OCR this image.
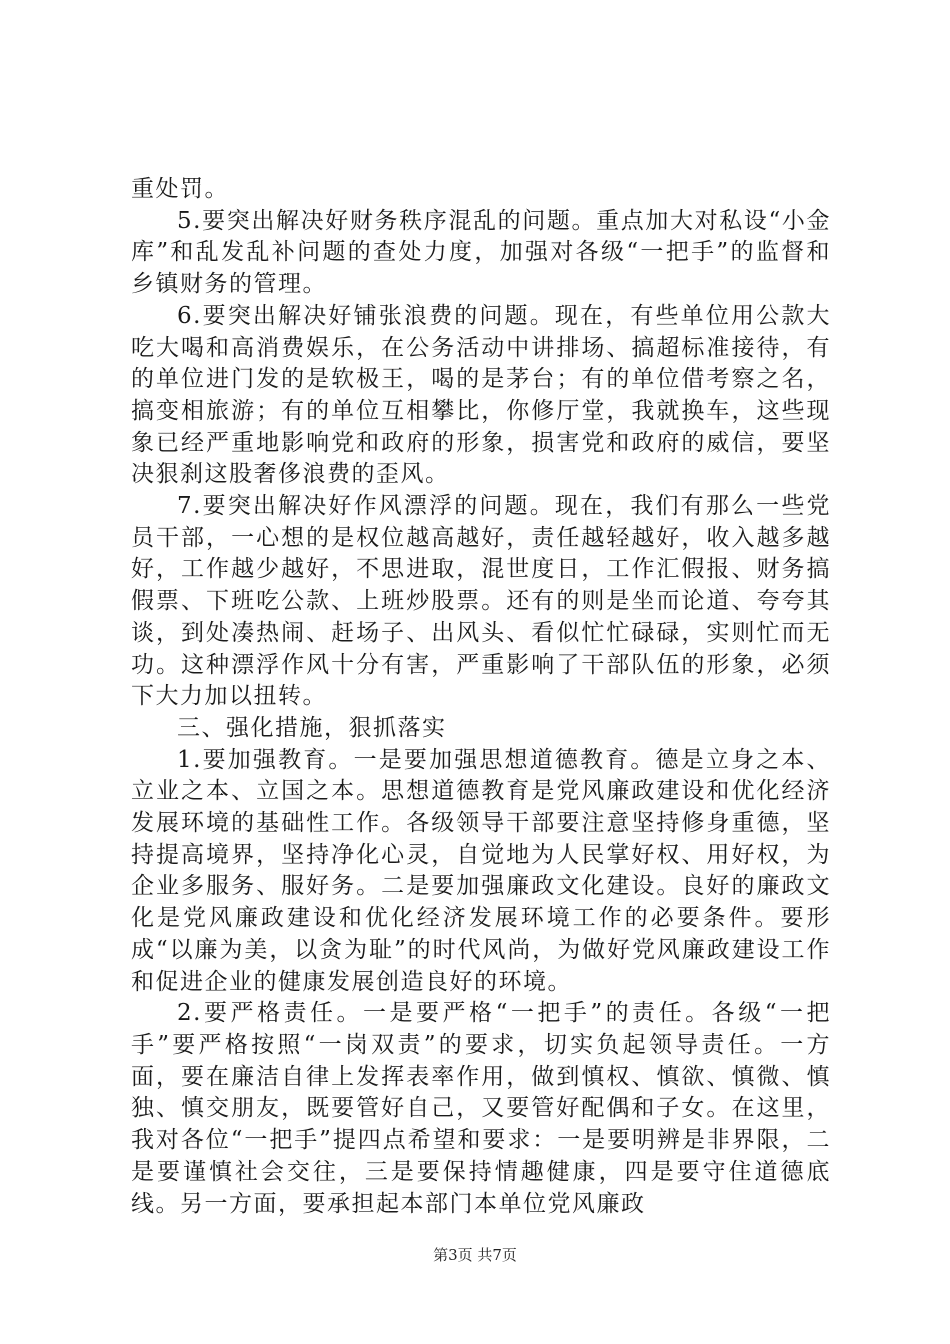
重处罚。

5.要突出解决好财务秩序混乱的问题。重点加大对私设“小金库”和乱发乱补问题的查处力度，加强对各级“一把手”的监督和乡镇财务的管理。

6.要突出解决好铺张浪费的问题。现在，有些单位用公款大吃大喝和高消费娱乐，在公务活动中讲排场、搞超标准接待，有的单位进门发的是软极王，喝的是茅台；有的单位借考察之名，搞变相旅游；有的单位互相攀比，你修厅堂，我就换车，这些现象已经严重地影响党和政府的形象，损害党和政府的威信，要坚决狠刹这股奢侈浪费的歪风。

7.要突出解决好作风漂浮的问题。现在，我们有那么一些党员干部，一心想的是权位越高越好，责任越轻越好，收入越多越好，工作越少越好，不思进取，混世度日，工作汇假报、财务搞假票、下班吃公款、上班炒股票。还有的则是坐而论道、夸夸其谈，到处凑热闹、赶场子、出风头、看似忙忙碌碌，实则忙而无功。这种漂浮作风十分有害，严重影响了干部队伍的形象，必须下大力加以扭转。

三、强化措施，狠抓落实

1.要加强教育。一是要加强思想道德教育。德是立身之本、立业之本、立国之本。思想道德教育是党风廉政建设和优化经济发展环境的基础性工作。各级领导干部要注意坚持修身重德，坚持提高境界，坚持净化心灵，自觉地为人民掌好权、用好权，为企业多服务、服好务。二是要加强廉政文化建设。良好的廉政文化是党风廉政建设和优化经济发展环境工作的必要条件。要形成“以廉为美，以贪为耻”的时代风尚，为做好党风廉政建设工作和促进企业的健康发展创造良好的环境。

2.要严格责任。一是要严格“一把手”的责任。各级“一把手”要严格按照“一岗双责”的要求，切实负起领导责任。一方面，要在廉洁自律上发挥表率作用，做到慎权、慎欲、慎微、慎独、慎交朋友，既要管好自己，又要管好配偶和子女。在这里，我对各位“一把手”提四点希望和要求：一是要明辨是非界限，二是要谨慎社会交往，三是要保持情趣健康，四是要守住道德底线。另一方面，要承担起本部门本单位党风廉政

第3页 共7页
